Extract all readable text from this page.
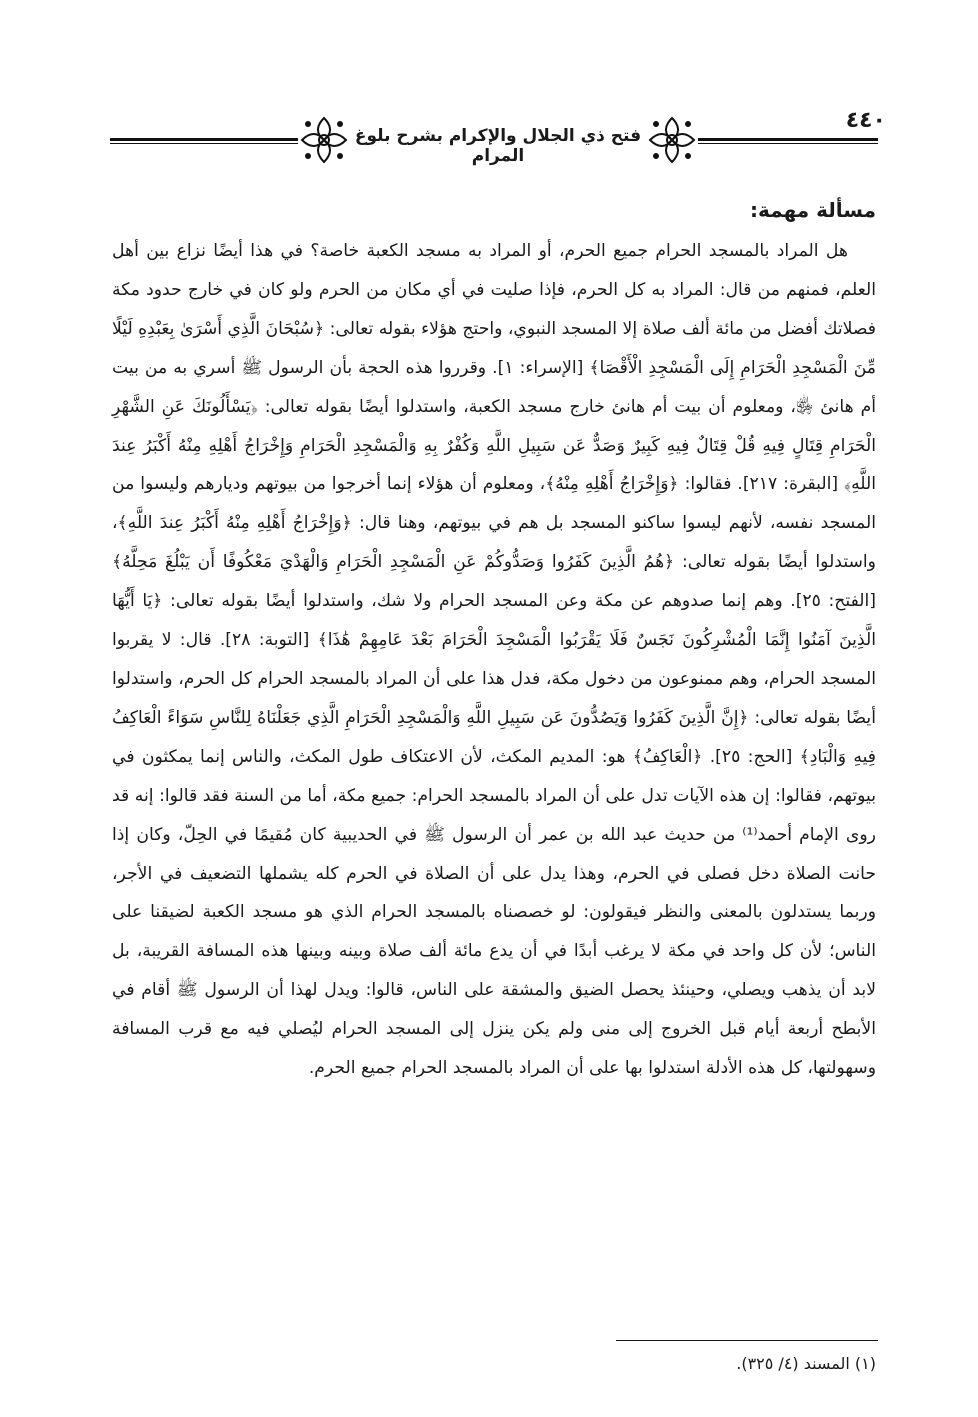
فتح ذي الجلال والإكرام بشرح بلوغ المرام
٤٤٠
مسألة مهمة:

هل المراد بالمسجد الحرام جميع الحرم، أو المراد به مسجد الكعبة خاصة؟ في هذا أيضًا نزاع بين أهل العلم، فمنهم من قال: المراد به كل الحرم، فإذا صليت في أي مكان من الحرم ولو كان في خارج حدود مكة فصلاتك أفضل من مائة ألف صلاة إلا المسجد النبوي، واحتج هؤلاء بقوله تعالى: ﴿سُبْحَانَ الَّذِي أَسْرَىٰ بِعَبْدِهِ لَيْلًا مِّنَ الْمَسْجِدِ الْحَرَامِ إِلَى الْمَسْجِدِ الْأَقْصَا﴾ [الإسراء: ١]. وقرروا هذه الحجة بأن الرسول ﷺ أسري به من بيت أم هانئ ﵂، ومعلوم أن بيت أم هانئ خارج مسجد الكعبة، واستدلوا أيضًا بقوله تعالى: ﴿يَسْأَلُونَكَ عَنِ الشَّهْرِ الْحَرَامِ قِتَالٍ فِيهِ قُلْ قِتَالٌ فِيهِ كَبِيرٌ وَصَدٌّ عَن سَبِيلِ اللَّهِ وَكُفْرٌ بِهِ وَالْمَسْجِدِ الْحَرَامِ وَإِخْرَاجُ أَهْلِهِ مِنْهُ أَكْبَرُ عِندَ اللَّهِ﴾ [البقرة: ٢١٧]. فقالوا: ﴿وَإِخْرَاجُ أَهْلِهِ مِنْهُ﴾، ومعلوم أن هؤلاء إنما أخرجوا من بيوتهم وديارهم وليسوا من المسجد نفسه، لأنهم ليسوا ساكنو المسجد بل هم في بيوتهم، وهنا قال: ﴿وَإِخْرَاجُ أَهْلِهِ مِنْهُ أَكْبَرُ عِندَ اللَّهِ﴾، واستدلوا أيضًا بقوله تعالى: ﴿هُمُ الَّذِينَ كَفَرُوا وَصَدُّوكُمْ عَنِ الْمَسْجِدِ الْحَرَامِ وَالْهَدْيَ مَعْكُوفًا أَن يَبْلُغَ مَحِلَّهُ﴾ [الفتح: ٢٥]. وهم إنما صدوهم عن مكة وعن المسجد الحرام ولا شك، واستدلوا أيضًا بقوله تعالى: ﴿يَا أَيُّهَا الَّذِينَ آمَنُوا إِنَّمَا الْمُشْرِكُونَ نَجَسٌ فَلَا يَقْرَبُوا الْمَسْجِدَ الْحَرَامَ بَعْدَ عَامِهِمْ هَٰذَا﴾ [التوبة: ٢٨]. قال: لا يقربوا المسجد الحرام، وهم ممنوعون من دخول مكة، فدل هذا على أن المراد بالمسجد الحرام كل الحرم، واستدلوا أيضًا بقوله تعالى: ﴿إِنَّ الَّذِينَ كَفَرُوا وَيَصُدُّونَ عَن سَبِيلِ اللَّهِ وَالْمَسْجِدِ الْحَرَامِ الَّذِي جَعَلْنَاهُ لِلنَّاسِ سَوَاءً الْعَاكِفُ فِيهِ وَالْبَادِ﴾ [الحج: ٢٥]. ﴿الْعَاكِفُ﴾ هو: المديم المكث، لأن الاعتكاف طول المكث، والناس إنما يمكثون في بيوتهم، فقالوا: إن هذه الآيات تدل على أن المراد بالمسجد الحرام: جميع مكة، أما من السنة فقد قالوا: إنه قد روى الإمام أحمد⁽¹⁾ من حديث عبد الله بن عمر أن الرسول ﷺ في الحديبية كان مُقيمًا في الحِلّ، وكان إذا حانت الصلاة دخل فصلى في الحرم، وهذا يدل على أن الصلاة في الحرم كله يشملها التضعيف في الأجر، وربما يستدلون بالمعنى والنظر فيقولون: لو خصصناه بالمسجد الحرام الذي هو مسجد الكعبة لضيقنا على الناس؛ لأن كل واحد في مكة لا يرغب أبدًا في أن يدع مائة ألف صلاة وبينه وبينها هذه المسافة القريبة، بل لابد أن يذهب ويصلي، وحينئذ يحصل الضيق والمشقة على الناس، قالوا: ويدل لهذا أن الرسول ﷺ أقام في الأبطح أربعة أيام قبل الخروج إلى منى ولم يكن ينزل إلى المسجد الحرام ليُصلي فيه مع قرب المسافة وسهولتها، كل هذه الأدلة استدلوا بها على أن المراد بالمسجد الحرام جميع الحرم.

(١) المسند (٤/ ٣٢٥).
